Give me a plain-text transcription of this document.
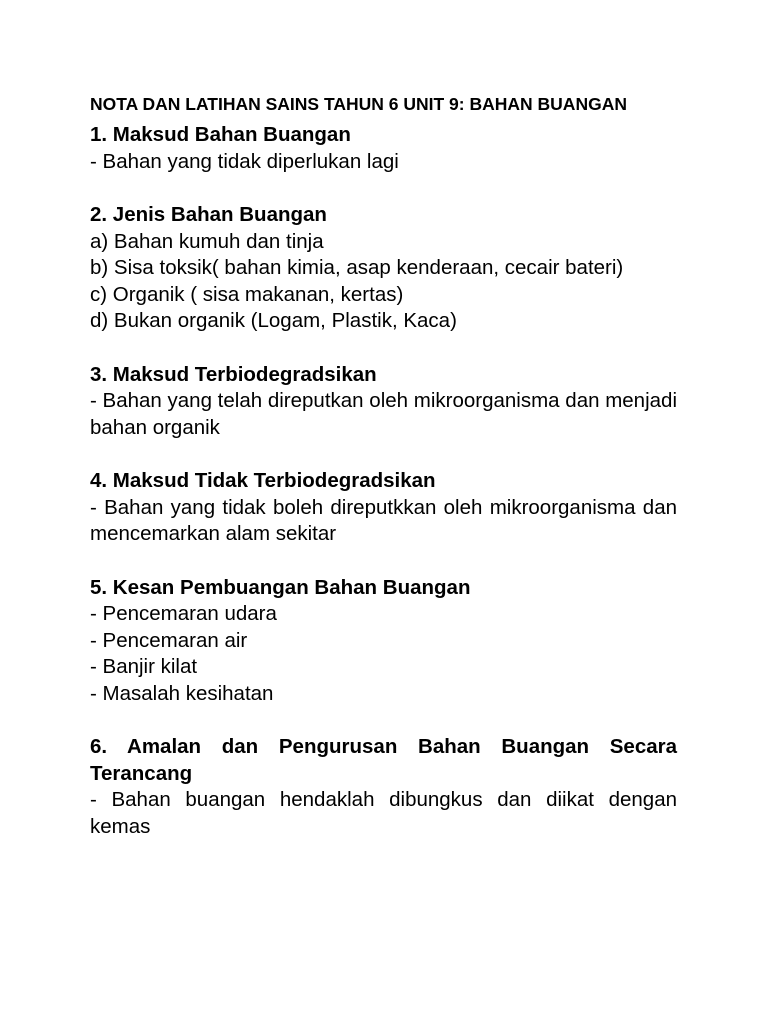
NOTA DAN LATIHAN SAINS TAHUN 6 UNIT 9: BAHAN BUANGAN
1. Maksud Bahan Buangan
- Bahan yang tidak diperlukan lagi
2. Jenis Bahan Buangan
a) Bahan kumuh dan tinja
b) Sisa toksik( bahan kimia, asap kenderaan, cecair bateri)
c) Organik ( sisa makanan, kertas)
d) Bukan organik (Logam, Plastik, Kaca)
3. Maksud Terbiodegradsikan
- Bahan yang telah direputkan oleh mikroorganisma dan menjadi bahan organik
4. Maksud Tidak Terbiodegradsikan
- Bahan yang tidak boleh direputkkan oleh mikroorganisma dan mencemarkan alam sekitar
5. Kesan Pembuangan Bahan Buangan
- Pencemaran udara
- Pencemaran air
- Banjir kilat
- Masalah kesihatan
6. Amalan dan Pengurusan Bahan Buangan Secara Terancang
- Bahan buangan hendaklah dibungkus dan diikat dengan kemas
